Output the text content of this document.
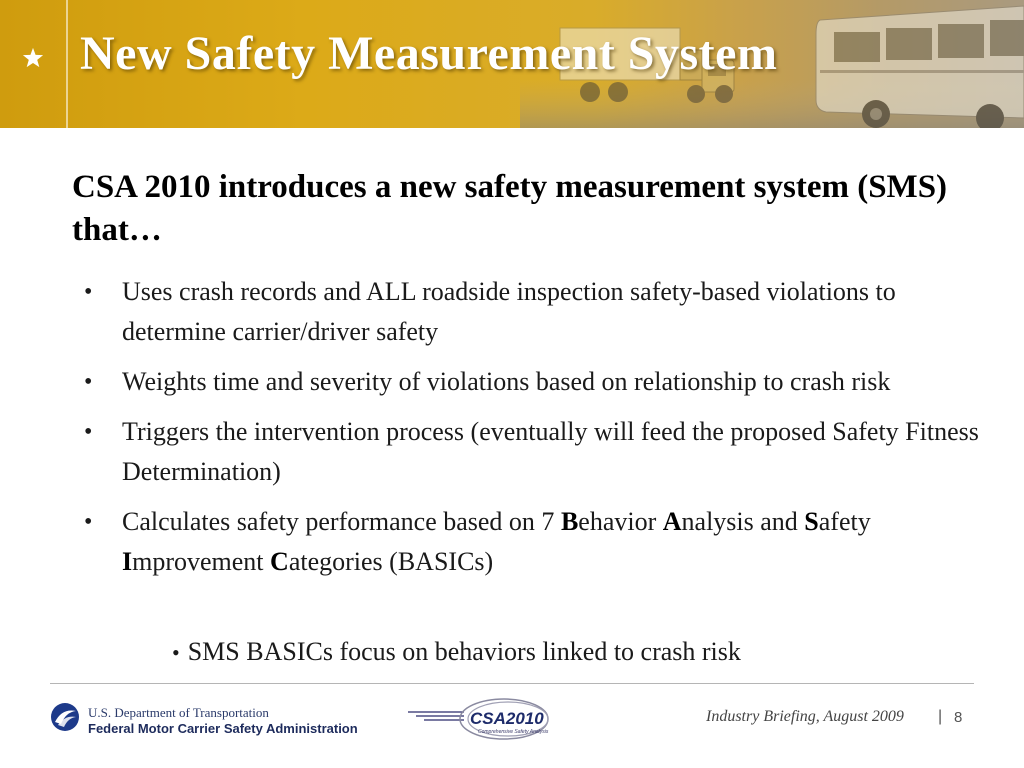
New Safety Measurement System

CSA 2010 introduces a new safety measurement system (SMS) that…

• Uses crash records and ALL roadside inspection safety-based violations to determine carrier/driver safety
• Weights time and severity of violations based on relationship to crash risk
• Triggers the intervention process (eventually will feed the proposed Safety Fitness Determination)
• Calculates safety performance based on 7 Behavior Analysis and Safety Improvement Categories (BASICs)
• SMS BASICs focus on behaviors linked to crash risk
U.S. Department of Transportation
Federal Motor Carrier Safety Administration
CSA2010
Comprehensive Safety Analysis
Industry Briefing, August 2009 | 8
